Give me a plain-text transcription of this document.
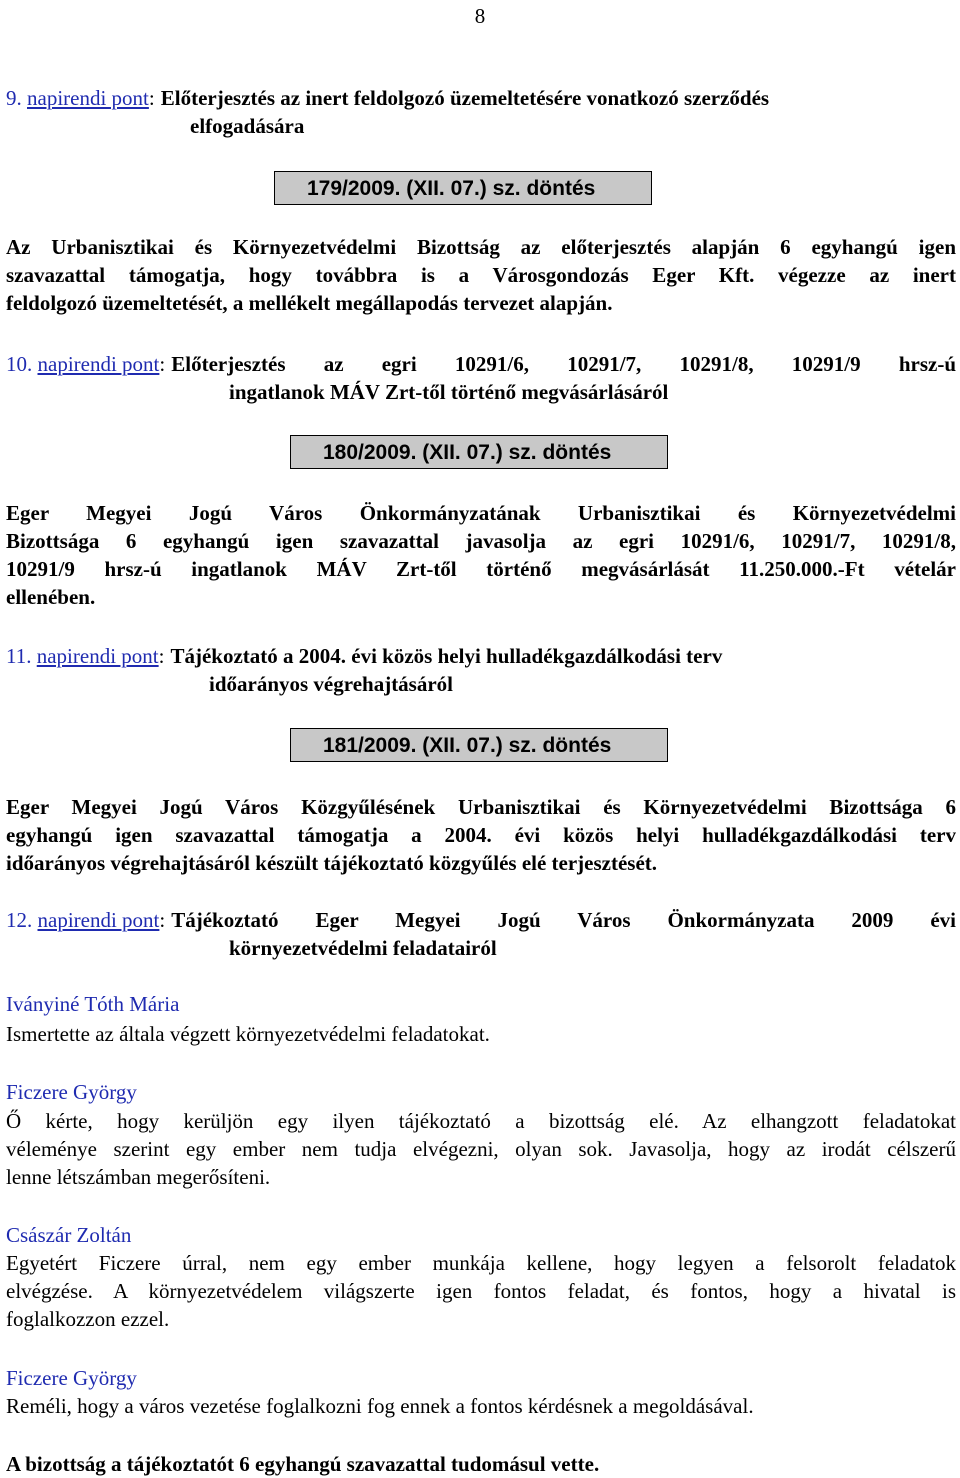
8
9.
napirendi pont : Előterjesztés az inert feldolgozó üzemeltetésére vonatkozó szerződés
elfogadására
179/2009. (XII. 07.) sz. döntés
Az Urbanisztikai és Környezetvédelmi Bizottság az előterjesztés alapján 6 egyhangú igen
szavazattal támogatja, hogy továbbra is a Városgondozás Eger Kft. végezze az inert
feldolgozó üzemeltetését, a mellékelt megállapodás tervezet alapján.
10.
napirendi pont : Előterjesztés az egri 10291/6, 10291/7, 10291/8, 10291/9 hrsz-ú
ingatlanok MÁV Zrt-től történő megvásárlásáról
180/2009. (XII. 07.) sz. döntés
Eger Megyei Jogú Város Önkormányzatának Urbanisztikai és Környezetvédelmi
Bizottsága 6 egyhangú igen szavazattal javasolja az egri 10291/6, 10291/7, 10291/8,
10291/9 hrsz-ú ingatlanok MÁV Zrt-től történő megvásárlását 11.250.000.-Ft vételár
ellenében.
11.
napirendi pont : Tájékoztató a 2004. évi közös helyi hulladékgazdálkodási terv
időarányos végrehajtásáról
181/2009. (XII. 07.) sz. döntés
Eger Megyei Jogú Város Közgyűlésének Urbanisztikai és Környezetvédelmi Bizottsága 6
egyhangú igen szavazattal támogatja a 2004. évi közös helyi hulladékgazdálkodási terv
időarányos végrehajtásáról készült tájékoztató közgyűlés elé terjesztését.
12.
napirendi pont : Tájékoztató Eger Megyei Jogú Város Önkormányzata 2009 évi
környezetvédelmi feladatairól
Iványiné Tóth Mária
Ismertette az általa végzett környezetvédelmi feladatokat.
Ficzere György
Ő kérte, hogy kerüljön egy ilyen tájékoztató a bizottság elé. Az elhangzott feladatokat
véleménye szerint egy ember nem tudja elvégezni, olyan sok. Javasolja, hogy az irodát célszerű
lenne létszámban megerősíteni.
Császár Zoltán
Egyetért Ficzere úrral, nem egy ember munkája kellene, hogy legyen a felsorolt feladatok
elvégzése. A környezetvédelem világszerte igen fontos feladat, és fontos, hogy a hivatal is
foglalkozzon ezzel.
Ficzere György
Reméli, hogy a város vezetése foglalkozni fog ennek a fontos kérdésnek a megoldásával.
A bizottság a tájékoztatót 6 egyhangú szavazattal tudomásul vette.
